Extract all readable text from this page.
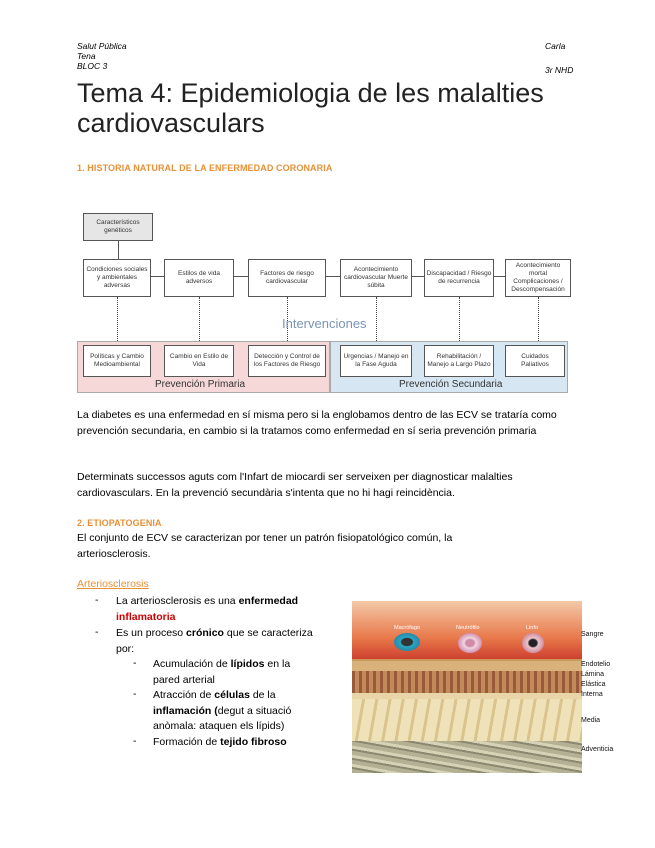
Salut Pública
Tena
BLOC 3
Carla
3r NHD
Tema 4: Epidemiologia de les malalties cardiovasculars
1. HISTORIA NATURAL DE LA ENFERMEDAD CORONARIA
Característicos genéticos
Condiciones sociales y ambientales adversas
Estilos de vida adversos
Factores de riesgo cardiovascular
Acontecimiento cardiovascular Muerte súbita
Discapacidad / Riesgo de recurrencia
Acontecimiento mortal Complicaciones / Descompensación
Intervenciones
Políticas y Cambio Medioambiental
Cambio en Estilo de Vida
Detección y Control de los Factores de Riesgo
Urgencias / Manejo en la Fase Aguda
Rehabilitación / Manejo a Largo Plazo
Cuidados Paliativos
Prevención Primaria	Prevención Secundaria
La diabetes es una enfermedad en sí misma pero si la englobamos dentro de las ECV se trataría como prevención secundaria, en cambio si la tratamos como enfermedad en sí seria prevención primaria
Determinats successos aguts com l'Infart de miocardi ser serveixen per diagnosticar malalties cardiovasculars. En la prevenció secundària s'intenta que no hi hagi reincidència.
2. ETIOPATOGENIA
El conjunto de ECV se caracterizan por tener un patrón fisiopatológico común, la arteriosclerosis.
Arteriosclerosis
- La arteriosclerosis es una enfermedad
inflamatoria
- Es un proceso crónico que se caracteriza
por:
- Acumulación de lípidos en la
pared arterial
- Atracción de células de la
inflamación (degut a situació
anòmala: ataquen els lípids)
- Formación de tejido fibroso
Macrófago	Neutrófilo	Linfo
Sangre
Endotelio
Lámina
Elástica
Interna
Media
Adventicia
